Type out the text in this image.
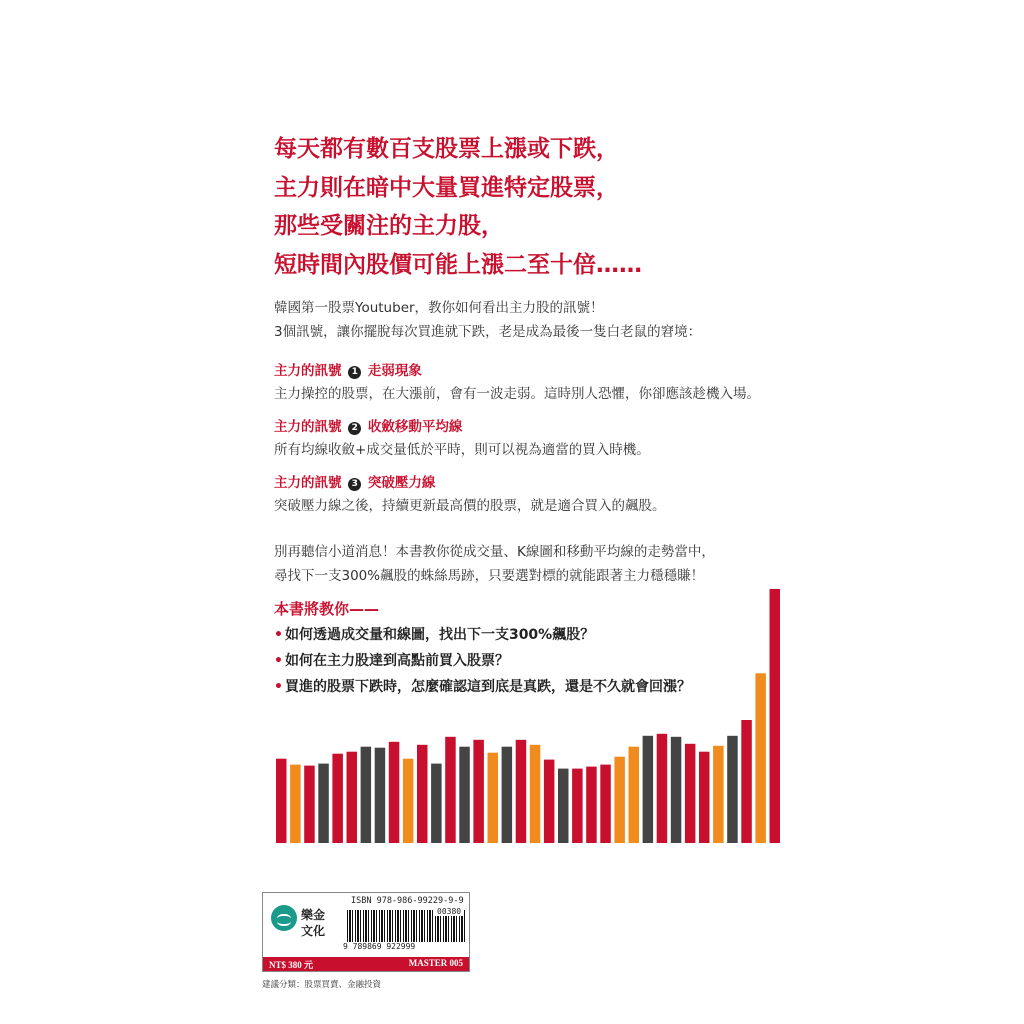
每天都有數百支股票上漲或下跌，
主力則在暗中大量買進特定股票，
那些受關注的主力股，
短時間內股價可能上漲二至十倍……
韓國第一股票Youtuber，教你如何看出主力股的訊號！
3個訊號，讓你擺脫每次買進就下跌，老是成為最後一隻白老鼠的窘境：
主力的訊號 1 走弱現象
主力操控的股票，在大漲前，會有一波走弱。這時別人恐懼，你卻應該趁機入場。
主力的訊號 2 收斂移動平均線
所有均線收斂+成交量低於平時，則可以視為適當的買入時機。
主力的訊號 3 突破壓力線
突破壓力線之後，持續更新最高價的股票，就是適合買入的飆股。
別再聽信小道消息！本書教你從成交量、K線圖和移動平均線的走勢當中，
尋找下一支300%飆股的蛛絲馬跡，只要選對標的就能跟著主力穩穩賺！
本書將教你——
• 如何透過成交量和線圖，找出下一支300%飆股？
• 如何在主力股達到高點前買入股票？
• 買進的股票下跌時，怎麼確認這到底是真跌，還是不久就會回漲？
樂金文化
ISBN 978-986-99229-9-9
00380
9 789869 922999
NT$ 380 元	MASTER 005
建議分類：股票買賣、金融投資
